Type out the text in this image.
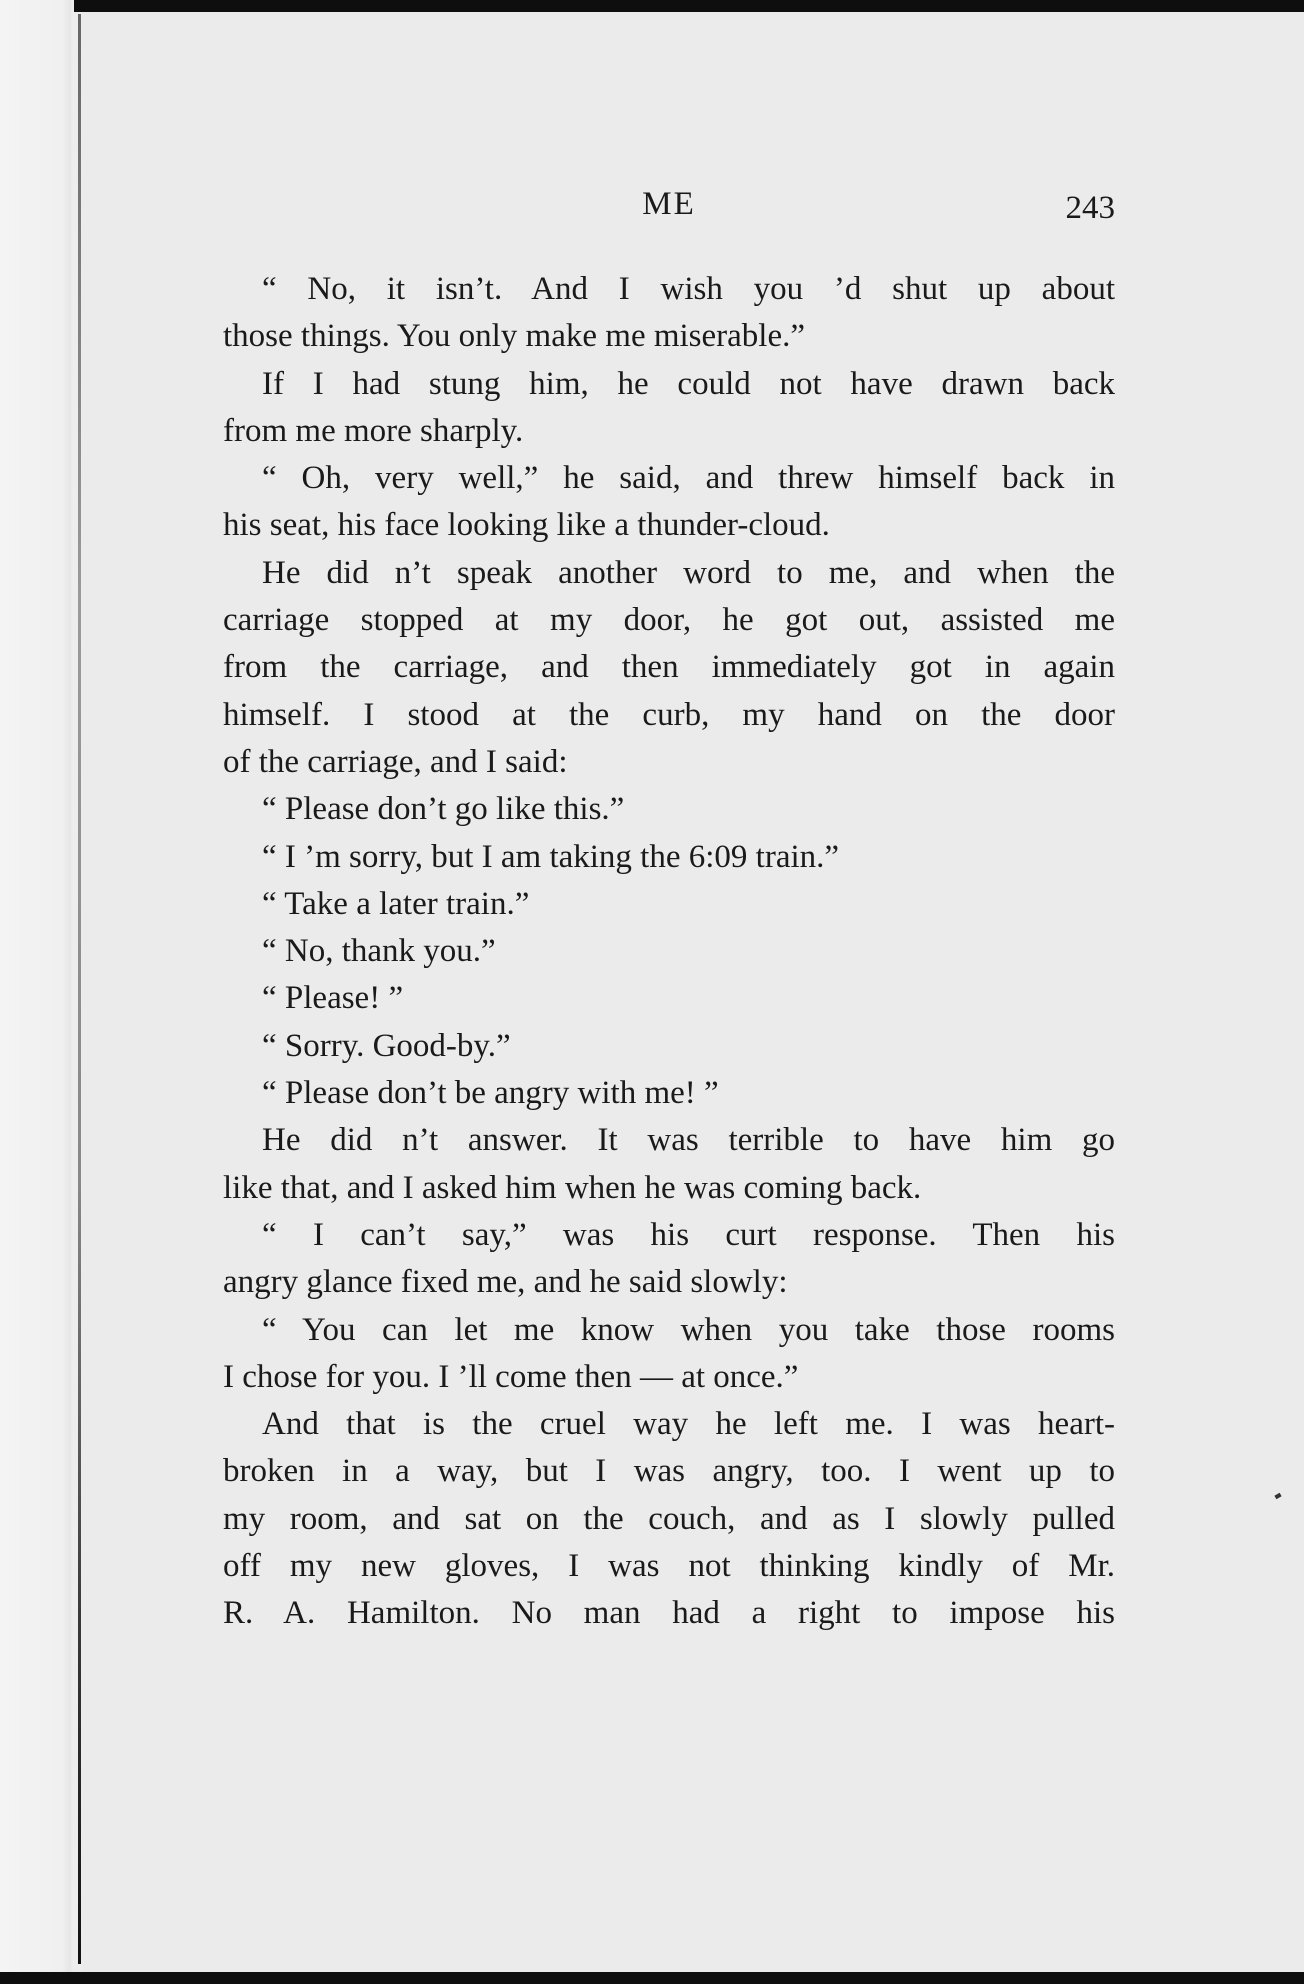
ME	243
“ No, it isn’t. And I wish you ’d shut up about
those things. You only make me miserable.”
If I had stung him, he could not have drawn back
from me more sharply.
“ Oh, very well,” he said, and threw himself back in
his seat, his face looking like a thunder-cloud.
He did n’t speak another word to me, and when the
carriage stopped at my door, he got out, assisted me
from the carriage, and then immediately got in again
himself. I stood at the curb, my hand on the door
of the carriage, and I said:
“ Please don’t go like this.”
“ I ’m sorry, but I am taking the 6:09 train.”
“ Take a later train.”
“ No, thank you.”
“ Please! ”
“ Sorry. Good-by.”
“ Please don’t be angry with me! ”
He did n’t answer. It was terrible to have him go
like that, and I asked him when he was coming back.
“ I can’t say,” was his curt response. Then his
angry glance fixed me, and he said slowly:
“ You can let me know when you take those rooms
I chose for you. I ’ll come then — at once.”
And that is the cruel way he left me. I was heart-
broken in a way, but I was angry, too. I went up to
my room, and sat on the couch, and as I slowly pulled
off my new gloves, I was not thinking kindly of Mr.
R. A. Hamilton. No man had a right to impose his
